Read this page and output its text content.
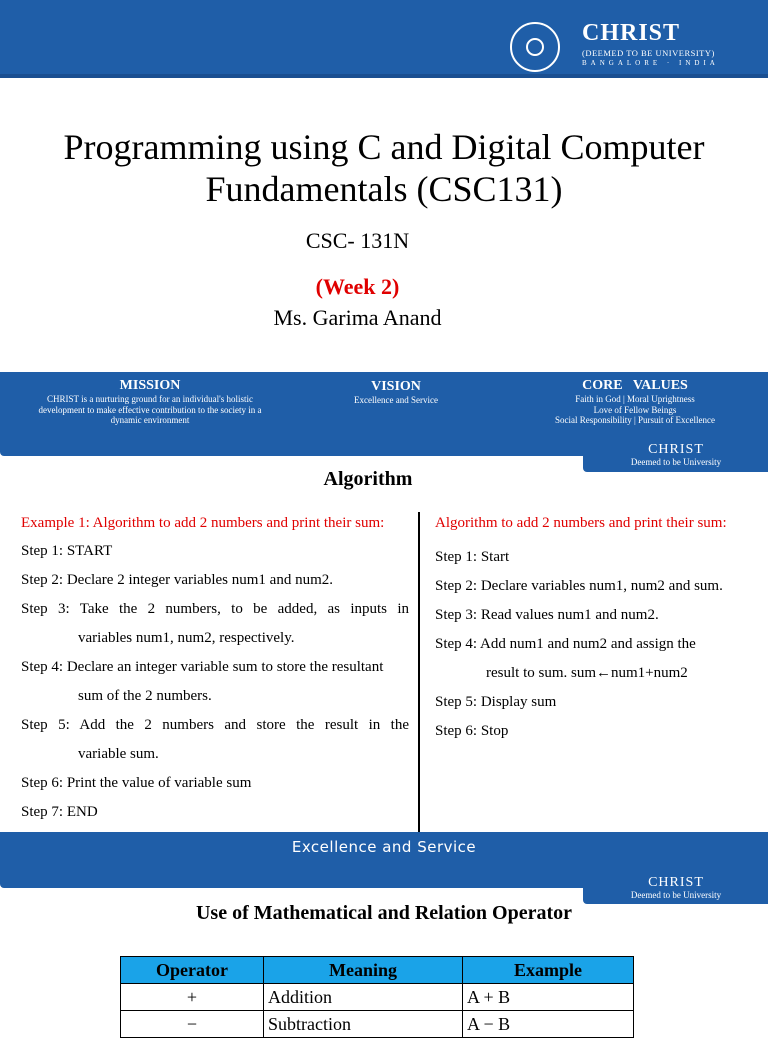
CHRIST
(DEEMED TO BE UNIVERSITY)
BANGALORE · INDIA
Programming using C and Digital Computer
Fundamentals (CSC131)
CSC- 131N
(Week 2)
Ms. Garima Anand
MISSION
CHRIST is a nurturing ground for an individual's holistic
development to make effective contribution to the society in a
dynamic environment
VISION
Excellence and Service
CORE   VALUES
Faith in God | Moral Uprightness
Love of Fellow Beings
Social Responsibility | Pursuit of Excellence
CHRIST
Deemed to be University
Algorithm
Example 1: Algorithm to add 2 numbers and print their sum:
Step 1: START
Step 2: Declare 2 integer variables num1 and num2.
Step 3: Take the 2 numbers, to be added, as inputs in
variables num1, num2, respectively.
Step 4: Declare an integer variable sum to store the resultant
sum of the 2 numbers.
Step 5: Add the 2 numbers and store the result in the
variable sum.
Step 6: Print the value of variable sum
Step 7: END
Algorithm to add 2 numbers and print their sum:
Step 1: Start
Step 2: Declare variables num1, num2 and sum.
Step 3: Read values num1 and num2.
Step 4: Add num1 and num2 and assign the
result to sum. sum←num1+num2
Step 5: Display sum
Step 6: Stop
Excellence and Service
CHRIST
Deemed to be University
Use of Mathematical and Relation Operator
Operator	Meaning	Example
+	Addition	A + B
−	Subtraction	A − B
